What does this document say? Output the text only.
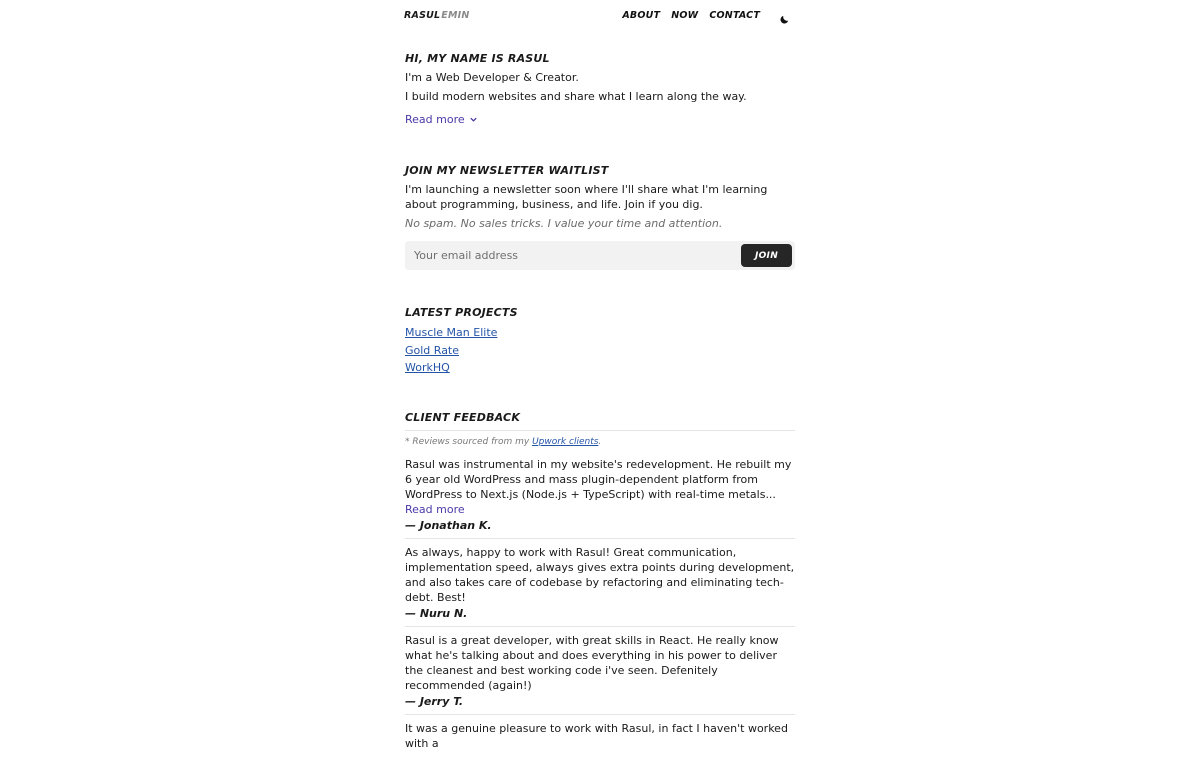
RASULEMIN	ABOUT NOW CONTACT
HI, MY NAME IS RASUL

I'm a Web Developer & Creator.

I build modern websites and share what I learn along the way.

Read more
JOIN MY NEWSLETTER WAITLIST

I'm launching a newsletter soon where I'll share what I'm learning about programming, business, and life. Join if you dig.

No spam. No sales tricks. I value your time and attention.

Your email address
JOIN
LATEST PROJECTS
Muscle Man Elite
Gold Rate
WorkHQ
CLIENT FEEDBACK
* Reviews sourced from my Upwork clients.

Rasul was instrumental in my website's redevelopment. He rebuilt my 6 year old WordPress and mass plugin-dependent platform from WordPress to Next.js (Node.js + TypeScript) with real-time metals... Read more

— Jonathan K.

As always, happy to work with Rasul! Great communication, implementation speed, always gives extra points during development, and also takes care of codebase by refactoring and eliminating tech-debt. Best!

— Nuru N.

Rasul is a great developer, with great skills in React. He really know what he's talking about and does everything in his power to deliver the cleanest and best working code i've seen. Defenitely recommended (again!)

— Jerry T.

It was a genuine pleasure to work with Rasul, in fact I haven't worked with a
